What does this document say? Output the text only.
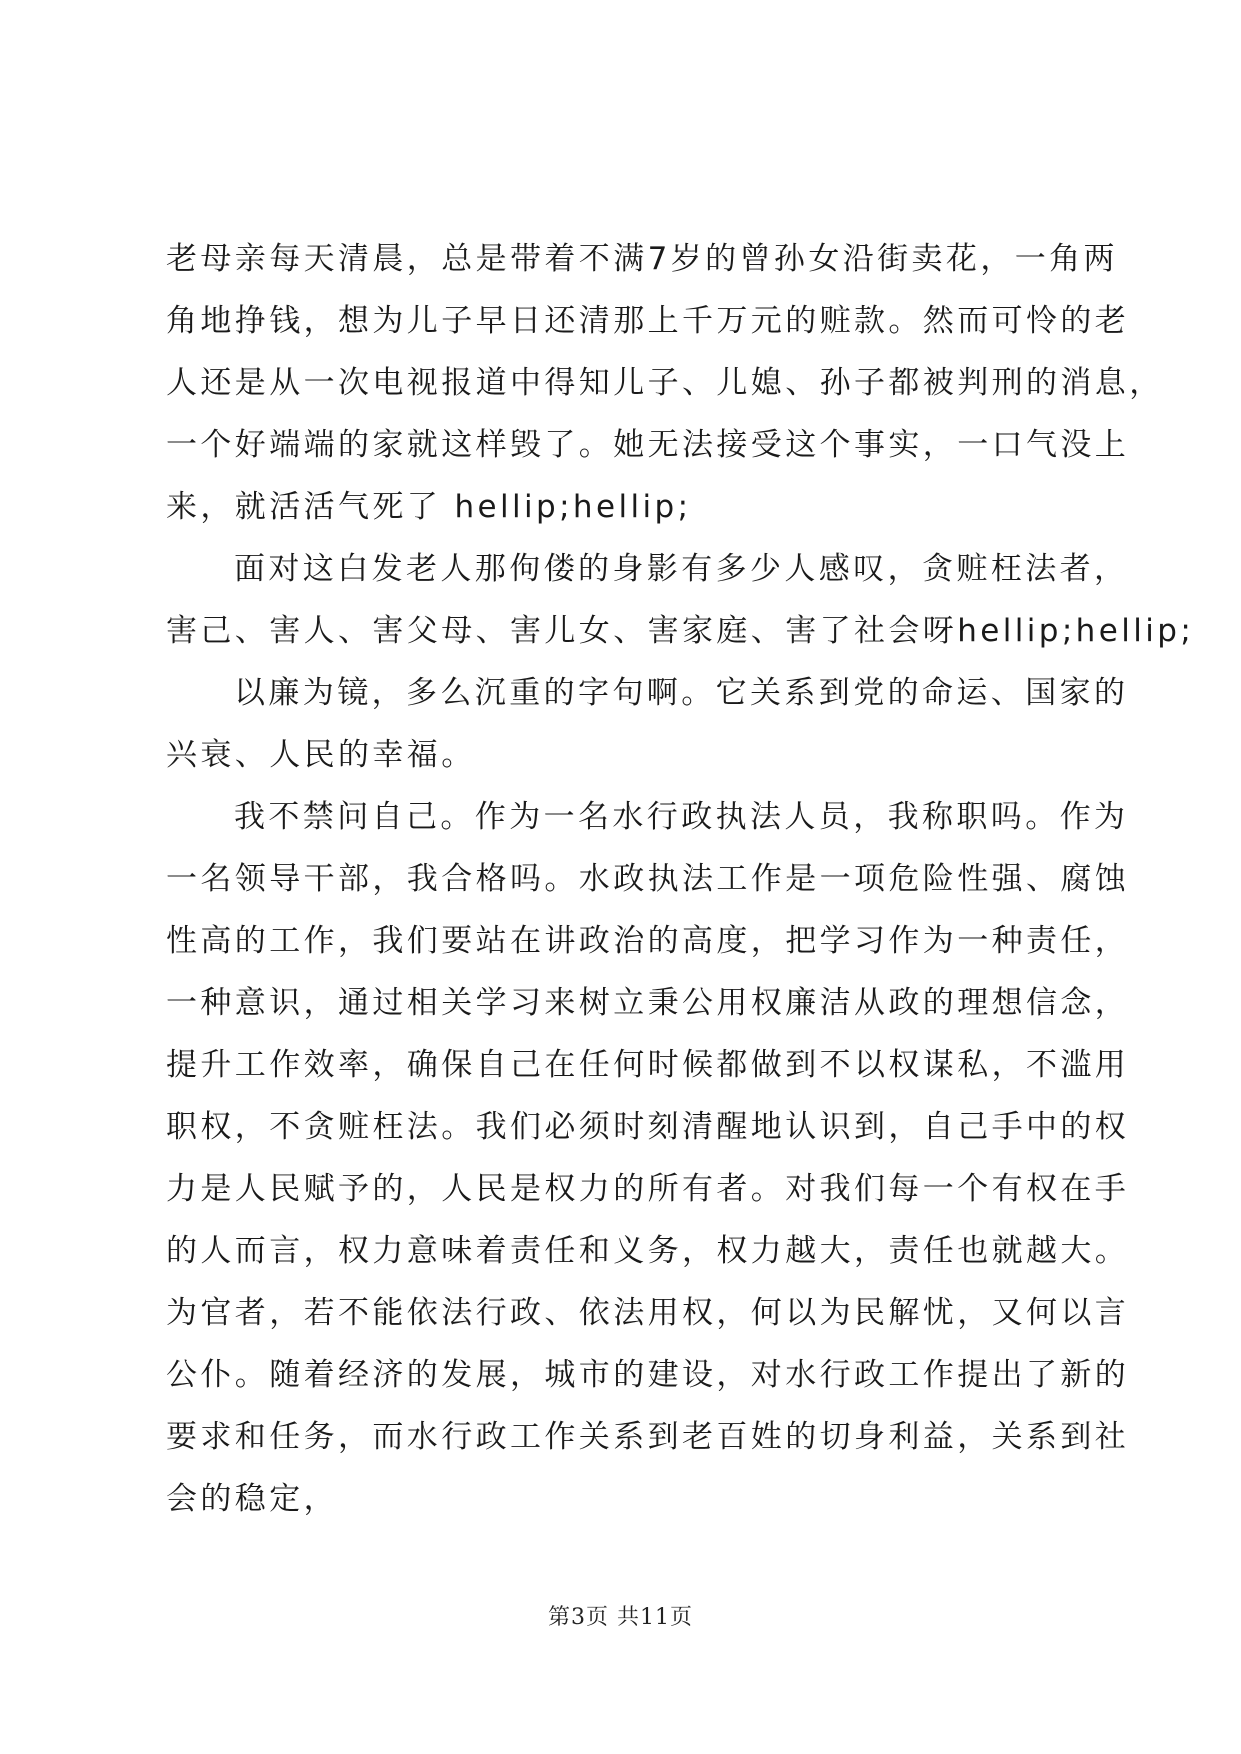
老母亲每天清晨，总是带着不满7岁的曾孙女沿街卖花，一角两
角地挣钱，想为儿子早日还清那上千万元的赃款。然而可怜的老
人还是从一次电视报道中得知儿子、儿媳、孙子都被判刑的消息，
一个好端端的家就这样毁了。她无法接受这个事实，一口气没上
来，就活活气死了 hellip;hellip;
面对这白发老人那佝偻的身影有多少人感叹，贪赃枉法者，
害己、害人、害父母、害儿女、害家庭、害了社会呀hellip;hellip;
以廉为镜，多么沉重的字句啊。它关系到党的命运、国家的
兴衰、人民的幸福。
我不禁问自己。作为一名水行政执法人员，我称职吗。作为
一名领导干部，我合格吗。水政执法工作是一项危险性强、腐蚀
性高的工作，我们要站在讲政治的高度，把学习作为一种责任，
一种意识，通过相关学习来树立秉公用权廉洁从政的理想信念，
提升工作效率，确保自己在任何时候都做到不以权谋私，不滥用
职权，不贪赃枉法。我们必须时刻清醒地认识到，自己手中的权
力是人民赋予的，人民是权力的所有者。对我们每一个有权在手
的人而言，权力意味着责任和义务，权力越大，责任也就越大。
为官者，若不能依法行政、依法用权，何以为民解忧，又何以言
公仆。随着经济的发展，城市的建设，对水行政工作提出了新的
要求和任务，而水行政工作关系到老百姓的切身利益，关系到社
会的稳定，
第3页 共11页
